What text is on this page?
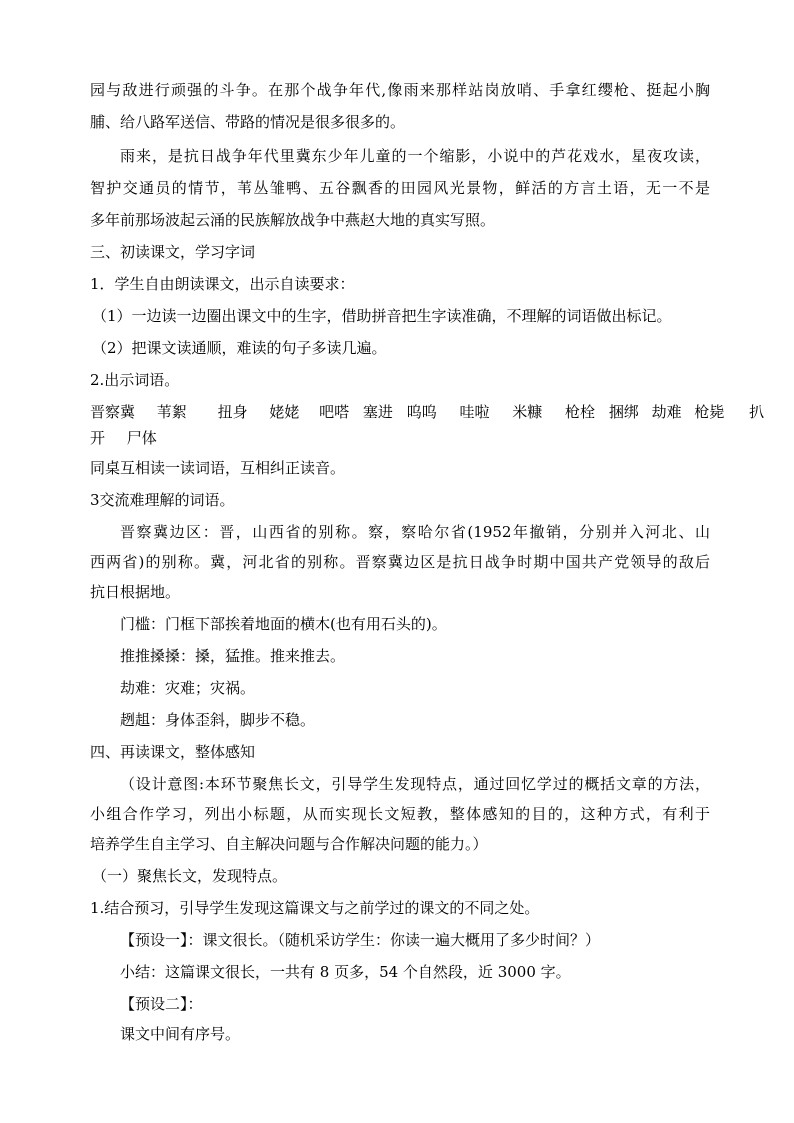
园与敌进行顽强的斗争。在那个战争年代,像雨来那样站岗放哨、手拿红缨枪、挺起小胸
脯、给八路军送信、带路的情况是很多很多的。
雨来，是抗日战争年代里冀东少年儿童的一个缩影，小说中的芦花戏水，星夜攻读，
智护交通员的情节，苇丛雏鸭、五谷飘香的田园风光景物，鲜活的方言土语，无一不是
多年前那场波起云涌的民族解放战争中燕赵大地的真实写照。
三、初读课文，学习字词
1．学生自由朗读课文，出示自读要求：
（1）一边读一边圈出课文中的生字，借助拼音把生字读准确，不理解的词语做出标记。
（2）把课文读通顺，难读的句子多读几遍。
2.出示词语。
晋察冀 苇絮 扭身 姥姥 吧嗒 塞进 呜呜 哇啦 米糠 枪栓 捆绑 劫难 枪毙 扒
开 尸体
同桌互相读一读词语，互相纠正读音。
3交流难理解的词语。
晋察冀边区：晋，山西省的别称。察，察哈尔省(1952年撤销，分别并入河北、山
西两省)的别称。冀，河北省的别称。晋察冀边区是抗日战争时期中国共产党领导的敌后
抗日根据地。
门槛：门框下部挨着地面的横木(也有用石头的)。
推推搡搡：搡，猛推。推来推去。
劫难：灾难；灾祸。
趔趄：身体歪斜，脚步不稳。
四、再读课文，整体感知
（设计意图:本环节聚焦长文，引导学生发现特点，通过回忆学过的概括文章的方法，
小组合作学习，列出小标题，从而实现长文短教，整体感知的目的，这种方式，有利于
培养学生自主学习、自主解决问题与合作解决问题的能力。）
（一）聚焦长文，发现特点。
1.结合预习，引导学生发现这篇课文与之前学过的课文的不同之处。
【预设一】：课文很长。（随机采访学生：你读一遍大概用了多少时间？）
小结：这篇课文很长，一共有 8 页多，54 个自然段，近 3000 字。
【预设二】：
课文中间有序号。
